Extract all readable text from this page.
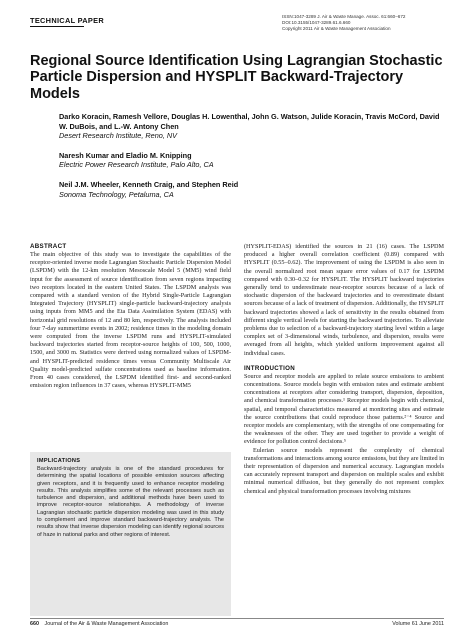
TECHNICAL PAPER	ISSN:1047-3289 J. Air & Waste Manage. Assoc. 61:660–672
DOI:10.3155/1047-3289.61.6.660
Copyright 2011 Air & Waste Management Association
Regional Source Identification Using Lagrangian Stochastic Particle Dispersion and HYSPLIT Backward-Trajectory Models
Darko Koracin, Ramesh Vellore, Douglas H. Lowenthal, John G. Watson, Julide Koracin, Travis McCord, David W. DuBois, and L.-W. Antony Chen
Desert Research Institute, Reno, NV
Naresh Kumar and Eladio M. Knipping
Electric Power Research Institute, Palo Alto, CA
Neil J.M. Wheeler, Kenneth Craig, and Stephen Reid
Sonoma Technology, Petaluma, CA
ABSTRACT

The main objective of this study was to investigate the capabilities of the receptor-oriented inverse mode Lagrangian Stochastic Particle Dispersion Model (LSPDM) with the 12-km resolution Mesoscale Model 5 (MM5) wind field input for the assessment of source identification from seven regions impacting two receptors located in the eastern United States. The LSPDM analysis was compared with a standard version of the Hybrid Single-Particle Lagrangian Integrated Trajectory (HYSPLIT) single-particle backward-trajectory analysis using inputs from MM5 and the Eta Data Assimilation System (EDAS) with horizontal grid resolutions of 12 and 80 km, respectively. The analysis included four 7-day summertime events in 2002; residence times in the modeling domain were computed from the inverse LSPDM runs and HYSPLIT-simulated backward trajectories started from receptor-source heights of 100, 500, 1000, 1500, and 3000 m. Statistics were derived using normalized values of LSPDM- and HYSPLIT-predicted residence times versus Community Multiscale Air Quality model-predicted sulfate concentrations used as baseline information. From 40 cases considered, the LSPDM identified first- and second-ranked emission region influences in 37 cases, whereas HYSPLIT-MM5

IMPLICATIONS

Backward-trajectory analysis is one of the standard procedures for determining the spatial locations of possible emission sources affecting given receptors, and it is frequently used to enhance receptor modeling results. This analysis simplifies some of the relevant processes such as turbulence and dispersion, and additional methods have been used to improve receptor-source relationships. A methodology of inverse Lagrangian stochastic particle dispersion modeling was used in this study to complement and improve standard backward-trajectory analysis. The results show that inverse dispersion modeling can identify regional sources of haze in national parks and other regions of interest.

(HYSPLIT-EDAS) identified the sources in 21 (16) cases. The LSPDM produced a higher overall correlation coefficient (0.89) compared with HYSPLIT (0.55–0.62). The improvement of using the LSPDM is also seen in the overall normalized root mean square error values of 0.17 for LSPDM compared with 0.30–0.32 for HYSPLIT. The HYSPLIT backward trajectories generally tend to underestimate near-receptor sources because of a lack of stochastic dispersion of the backward trajectories and to overestimate distant sources because of a lack of treatment of dispersion. Additionally, the HYSPLIT backward trajectories showed a lack of sensitivity in the results obtained from different single vertical levels for starting the backward trajectories. To alleviate problems due to selection of a backward-trajectory starting level within a large complex set of 3-dimensional winds, turbulence, and dispersion, results were averaged from all heights, which yielded uniform improvement against all individual cases.

INTRODUCTION

Source and receptor models are applied to relate source emissions to ambient concentrations. Source models begin with emission rates and estimate ambient concentrations at receptors after considering transport, dispersion, deposition, and chemical transformation processes.¹ Receptor models begin with chemical, spatial, and temporal characteristics measured at monitoring sites and estimate the source contributions that could reproduce those patterns.²⁻⁴ Source and receptor models are complementary, with the strengths of one compensating for the weaknesses of the other. They are used together to provide a weight of evidence for pollution control decisions.⁵

Eulerian source models represent the complexity of chemical transformations and interactions among source emissions, but they are limited in their representation of dispersion and numerical accuracy. Lagrangian models can accurately represent transport and dispersion on multiple scales and exhibit minimal numerical diffusion, but they generally do not represent complex chemical and physical transformation processes involving mixtures

660 Journal of the Air & Waste Management Association	Volume 61 June 2011
